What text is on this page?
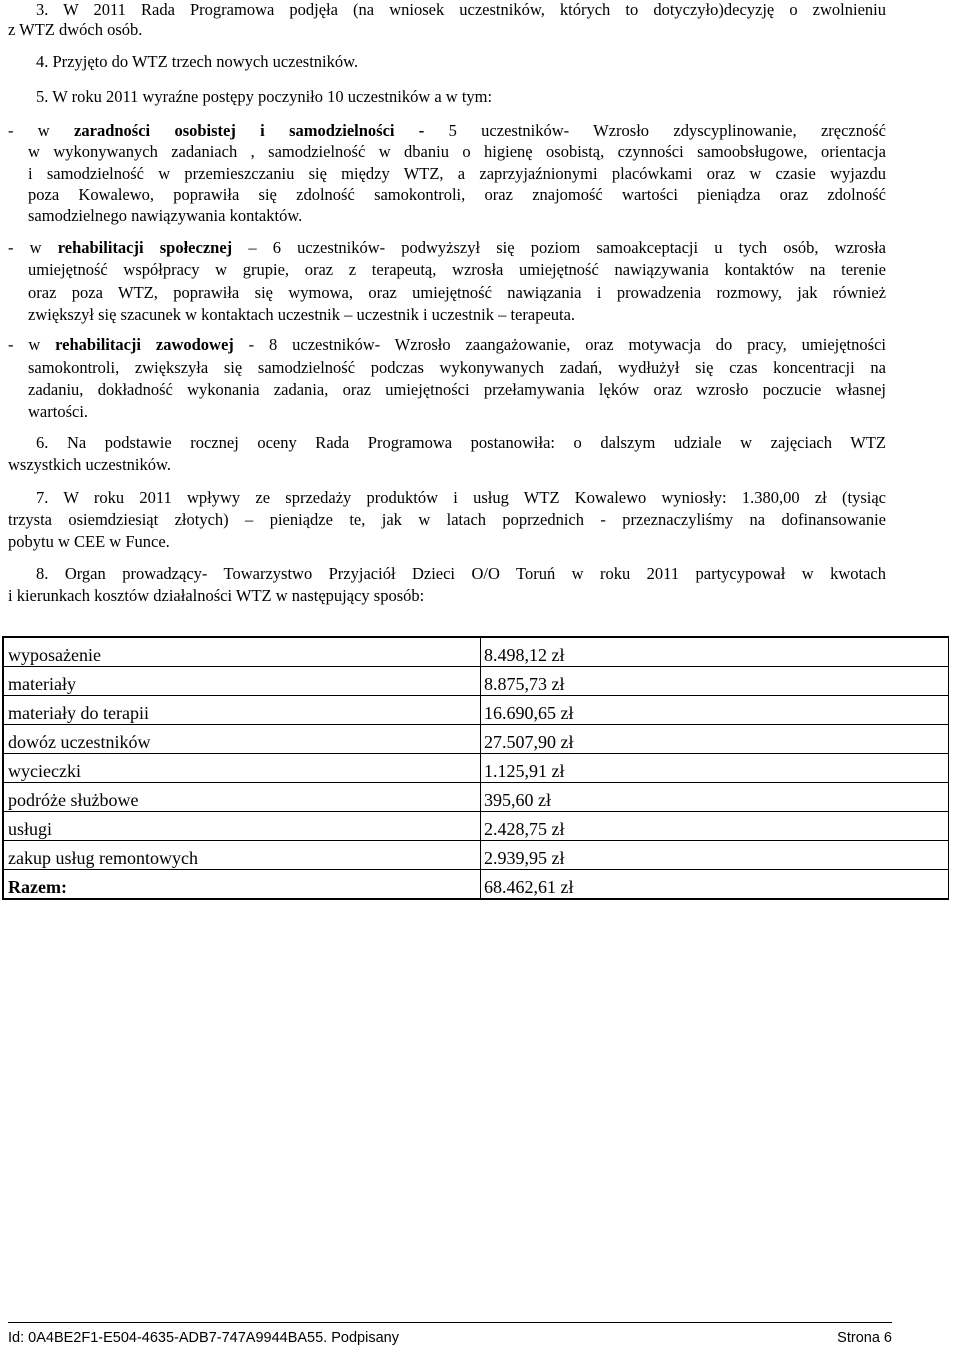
3. W 2011 Rada Programowa podjęła (na wniosek uczestników, których to dotyczyło)decyzję o zwolnieniu
z WTZ dwóch osób.
4. Przyjęto do WTZ trzech nowych uczestników.
5. W roku 2011 wyraźne postępy poczyniło 10 uczestników a w tym:
- w zaradności osobistej i samodzielności - 5 uczestników- Wzrosło zdyscyplinowanie, zręczność
w wykonywanych zadaniach , samodzielność w dbaniu o higienę osobistą, czynności samoobsługowe, orientacja
i samodzielność w przemieszczaniu się między WTZ, a zaprzyjaźnionymi placówkami oraz w czasie wyjazdu
poza Kowalewo, poprawiła się zdolność samokontroli, oraz znajomość wartości pieniądza oraz zdolność
samodzielnego nawiązywania kontaktów.
- w rehabilitacji społecznej – 6 uczestników- podwyższył się poziom samoakceptacji u tych osób, wzrosła
umiejętność współpracy w grupie, oraz z terapeutą, wzrosła umiejętność nawiązywania kontaktów na terenie
oraz poza WTZ, poprawiła się wymowa, oraz umiejętność nawiązania i prowadzenia rozmowy, jak również
zwiększył się szacunek w kontaktach uczestnik – uczestnik i uczestnik – terapeuta.
- w rehabilitacji zawodowej - 8 uczestników- Wzrosło zaangażowanie, oraz motywacja do pracy, umiejętności
samokontroli, zwiększyła się samodzielność podczas wykonywanych zadań, wydłużył się czas koncentracji na
zadaniu, dokładność wykonania zadania, oraz umiejętności przełamywania lęków oraz wzrosło poczucie własnej
wartości.
6. Na podstawie rocznej oceny Rada Programowa postanowiła: o dalszym udziale w zajęciach WTZ
wszystkich uczestników.
7. W roku 2011 wpływy ze sprzedaży produktów i usług WTZ Kowalewo wyniosły: 1.380,00 zł (tysiąc
trzysta osiemdziesiąt złotych) – pieniądze te, jak w latach poprzednich - przeznaczyliśmy na dofinansowanie
pobytu w CEE w Funce.
8. Organ prowadzący- Towarzystwo Przyjaciół Dzieci O/O Toruń w roku 2011 partycypował w kwotach
i kierunkach kosztów działalności WTZ w następujący sposób:
wyposażenie	8.498,12 zł
materiały	8.875,73 zł
materiały do terapii	16.690,65 zł
dowóz uczestników	27.507,90 zł
wycieczki	1.125,91 zł
podróże służbowe	395,60 zł
usługi	2.428,75 zł
zakup usług remontowych	2.939,95 zł
Razem:	68.462,61 zł
Id: 0A4BE2F1-E504-4635-ADB7-747A9944BA55. Podpisany	Strona 6
